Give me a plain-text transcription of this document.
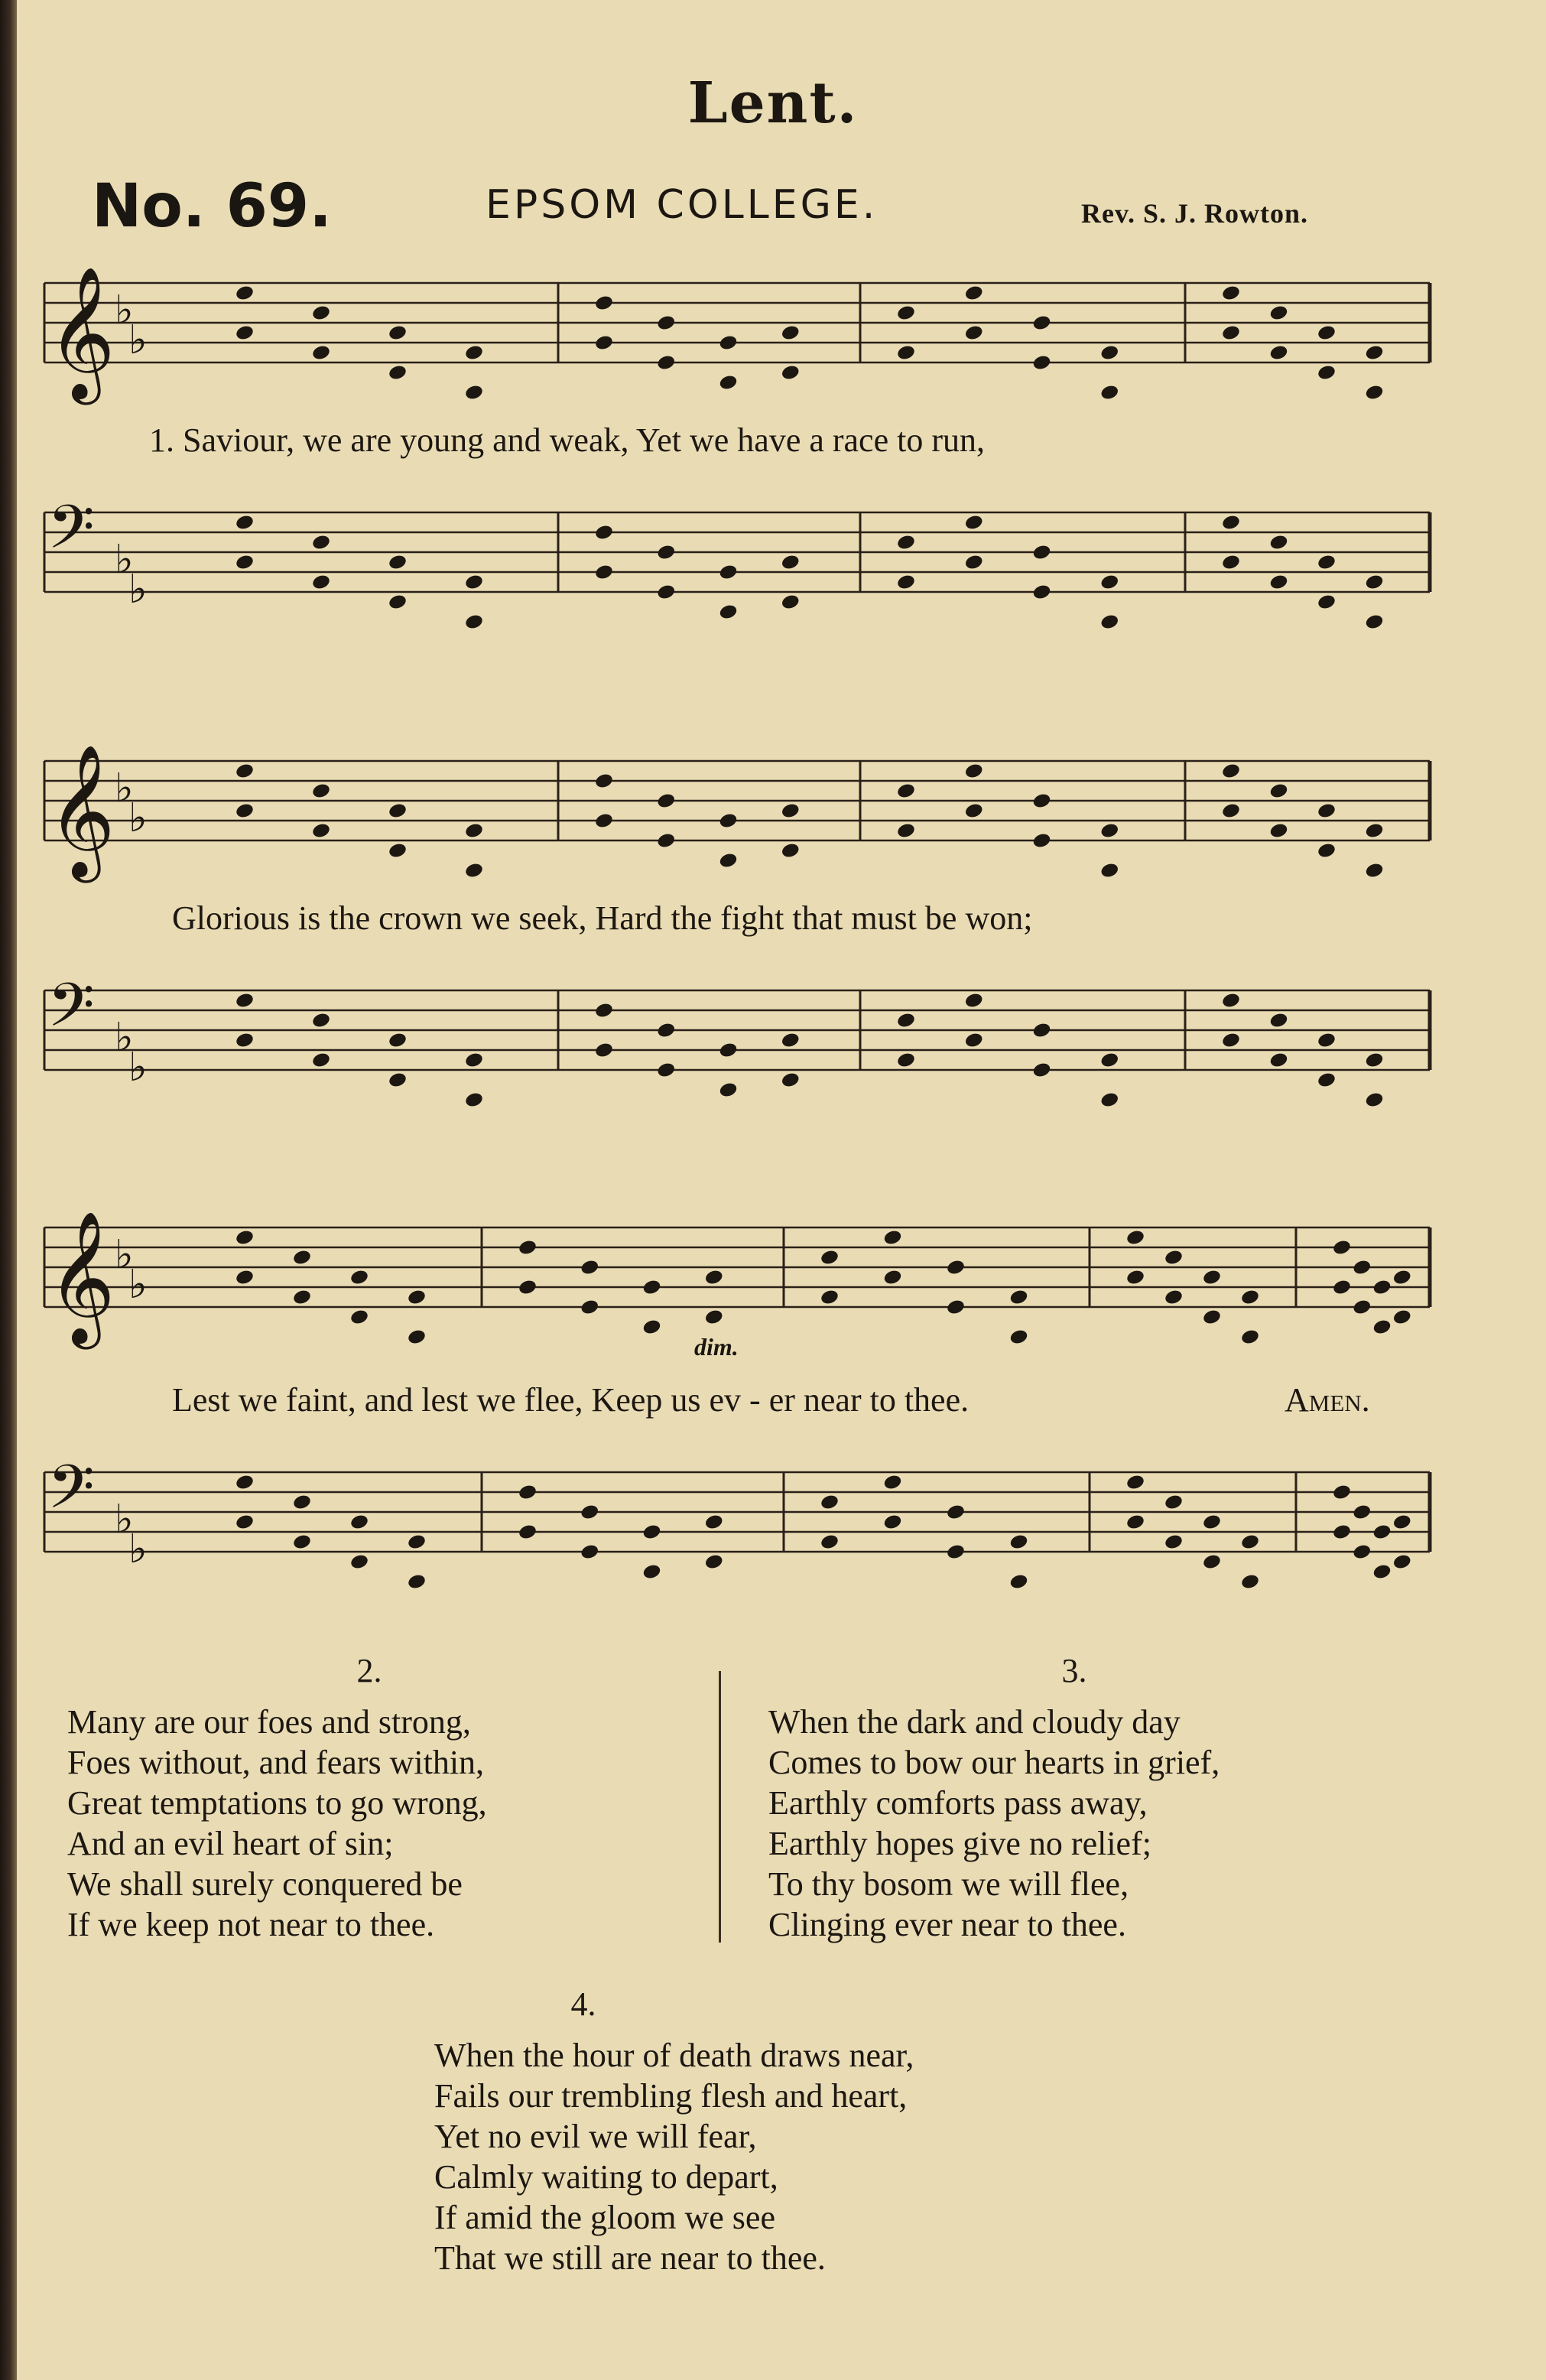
Lent.
No. 69.	EPSOM COLLEGE.	Rev. S. J. Rowton.
𝄞 ♭
♭
1. Saviour, we are young and weak, Yet we have a race to run,
𝄢 ♭
♭
𝄞 ♭
♭
Glorious is the crown we seek, Hard the fight that must be won;
𝄢 ♭
♭
𝄞 ♭
♭
dim.
Lest we faint, and lest we flee, Keep us ev - er near to thee.	Amen.
𝄢 ♭
♭
2.
Many are our foes and strong,
Foes without, and fears within,
Great temptations to go wrong,
And an evil heart of sin;
We shall surely conquered be
If we keep not near to thee.
3.
When the dark and cloudy day
Comes to bow our hearts in grief,
Earthly comforts pass away,
Earthly hopes give no relief;
To thy bosom we will flee,
Clinging ever near to thee.
4.
When the hour of death draws near,
Fails our trembling flesh and heart,
Yet no evil we will fear,
Calmly waiting to depart,
If amid the gloom we see
That we still are near to thee.
